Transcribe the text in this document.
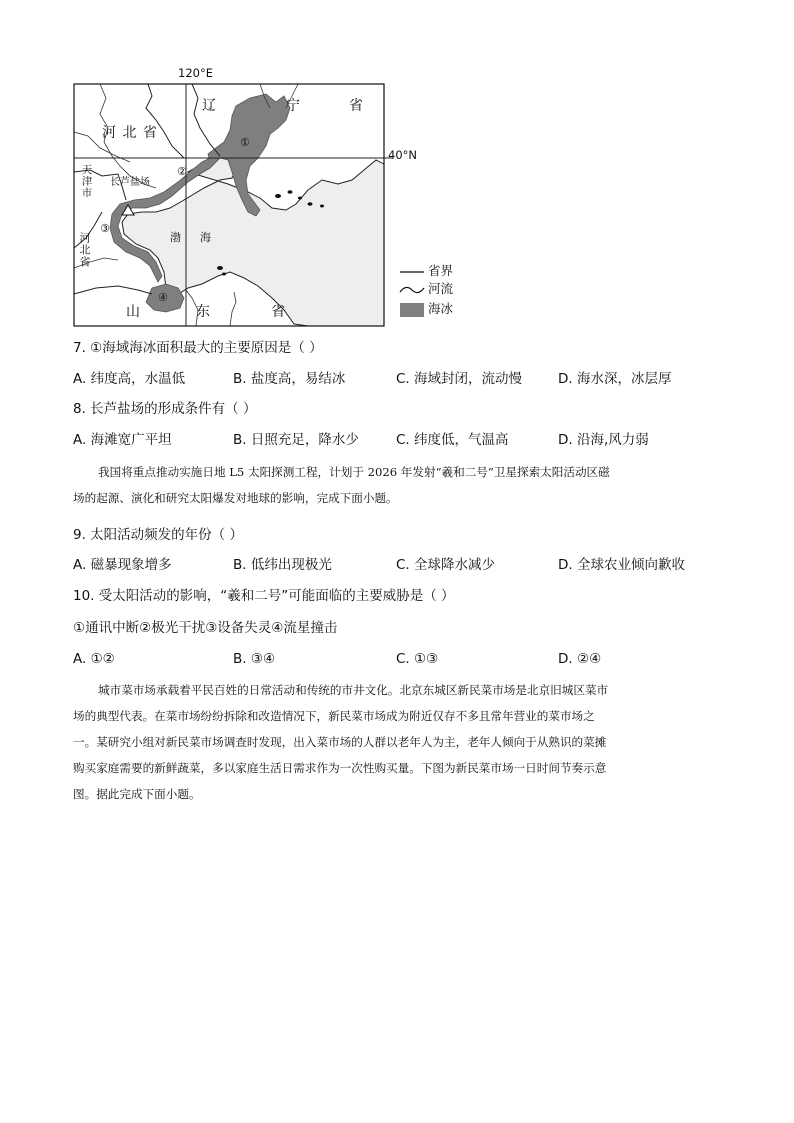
120°E
40°N
辽	宁	省
河 北 省
天津市 长芦盐场
河北省	渤 海
山	东	省
①
②
③
④
省界
河流
海冰
7. ①海域海冰面积最大的主要原因是（ ）
A. 纬度高，水温低	B. 盐度高，易结冰	C. 海域封闭，流动慢	D. 海水深，冰层厚
8. 长芦盐场的形成条件有（ ）
A. 海滩宽广平坦	B. 日照充足，降水少	C. 纬度低，气温高	D. 沿海,风力弱
我国将重点推动实施日地 L5 太阳探测工程，计划于 2026 年发射“羲和二号”卫星探索太阳活动区磁
场的起源、演化和研究太阳爆发对地球的影响，完成下面小题。
9. 太阳活动频发的年份（ ）
A. 磁暴现象增多	B. 低纬出现极光	C. 全球降水减少	D. 全球农业倾向歉收
10. 受太阳活动的影响，“羲和二号”可能面临的主要威胁是（ ）
①通讯中断②极光干扰③设备失灵④流星撞击
A. ①②	B. ③④	C. ①③	D. ②④
城市菜市场承载着平民百姓的日常活动和传统的市井文化。北京东城区新民菜市场是北京旧城区菜市
场的典型代表。在菜市场纷纷拆除和改造情况下，新民菜市场成为附近仅存不多且常年营业的菜市场之
一。某研究小组对新民菜市场调查时发现，出入菜市场的人群以老年人为主，老年人倾向于从熟识的菜摊
购买家庭需要的新鲜蔬菜，多以家庭生活日需求作为一次性购买量。下图为新民菜市场一日时间节奏示意
图。据此完成下面小题。
